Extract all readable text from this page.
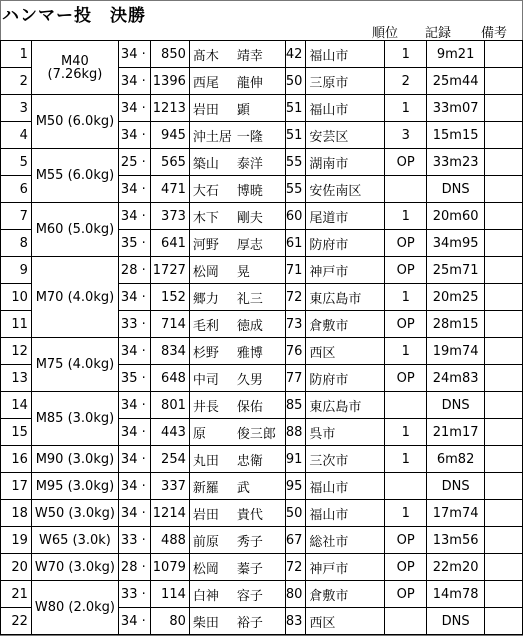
ハンマー投　決勝
順位 記録 備考
1	M40 (7.26kg)	34 ·	850	髙木 靖幸	42	福山市	1	9m21	
2		34 ·	1396	西尾 龍伸	50	三原市	2	25m44	
3	M50 (6.0kg)	34 ·	1213	岩田 顕	51	福山市	1	33m07	
4		34 ·	945	沖土居 一隆	51	安芸区	3	15m15	
5	M55 (6.0kg)	25 ·	565	築山 泰洋	55	湖南市	OP	33m23	
6		34 ·	471	大石 博暁	55	安佐南区		DNS	
7	M60 (5.0kg)	34 ·	373	木下 剛夫	60	尾道市	1	20m60	
8		35 ·	641	河野 厚志	61	防府市	OP	34m95	
9	M70 (4.0kg)	28 ·	1727	松岡 晃	71	神戸市	OP	25m71	
10		34 ·	152	郷力 礼三	72	東広島市	1	20m25	
11		33 ·	714	毛利 徳成	73	倉敷市	OP	28m15	
12	M75 (4.0kg)	34 ·	834	杉野 雅博	76	西区	1	19m74	
13		35 ·	648	中司 久男	77	防府市	OP	24m83	
14	M85 (3.0kg)	34 ·	801	井長 保佑	85	東広島市		DNS	
15		34 ·	443	原 俊三郎	88	呉市	1	21m17	
16	M90 (3.0kg)	34 ·	254	丸田 忠衛	91	三次市	1	6m82	
17	M95 (3.0kg)	34 ·	337	新羅 武	95	福山市		DNS	
18	W50 (3.0kg)	34 ·	1214	岩田 貴代	50	福山市	1	17m74	
19	W65 (3.0k)	33 ·	488	前原 秀子	67	総社市	OP	13m56	
20	W70 (3.0kg)	28 ·	1079	松岡 蓁子	72	神戸市	OP	22m20	
21	W80 (2.0kg)	33 ·	114	白神 容子	80	倉敷市	OP	14m78	
22		34 ·	80	柴田 裕子	83	西区		DNS	
